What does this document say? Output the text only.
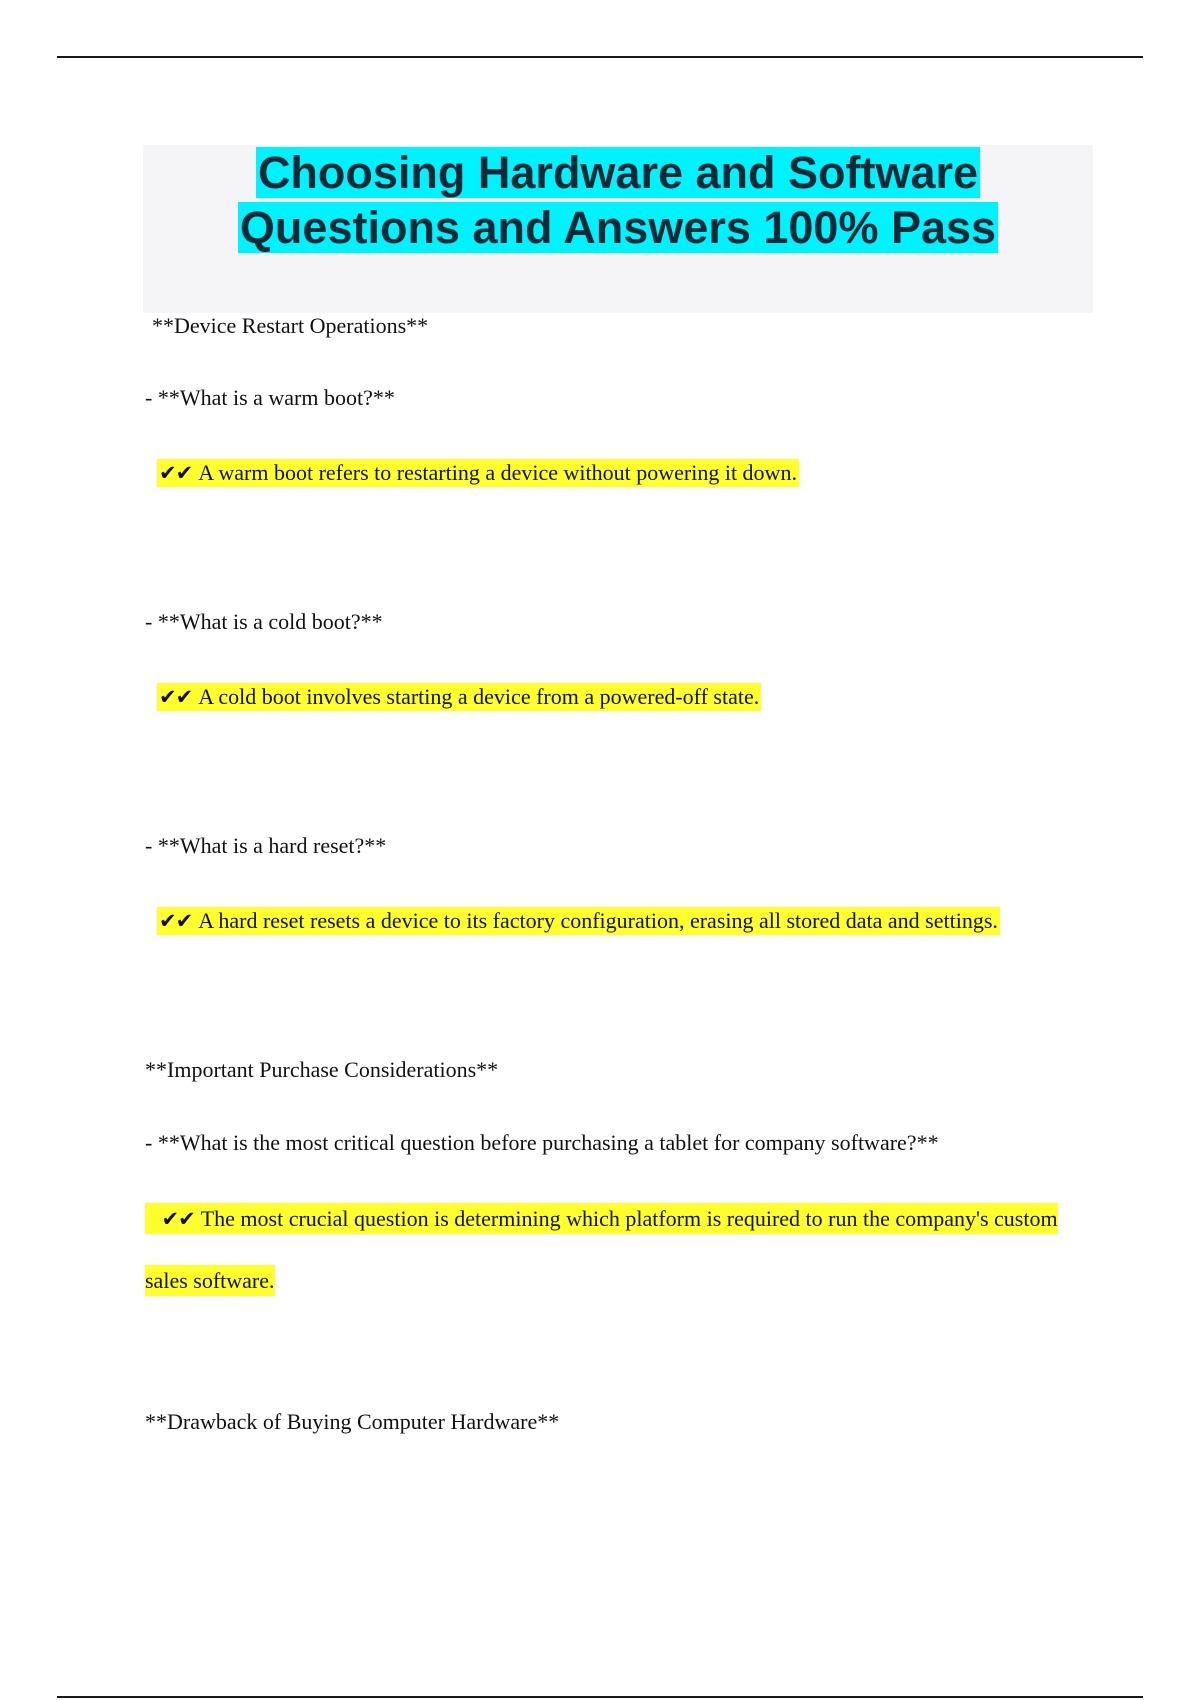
Choosing Hardware and Software
Questions and Answers 100% Pass

**Device Restart Operations**

- **What is a warm boot?**

✔✔ A warm boot refers to restarting a device without powering it down.

- **What is a cold boot?**

✔✔ A cold boot involves starting a device from a powered-off state.

- **What is a hard reset?**

✔✔ A hard reset resets a device to its factory configuration, erasing all stored data and settings.

**Important Purchase Considerations**

- **What is the most critical question before purchasing a tablet for company software?**

✔✔ The most crucial question is determining which platform is required to run the company's custom sales software.

**Drawback of Buying Computer Hardware**
